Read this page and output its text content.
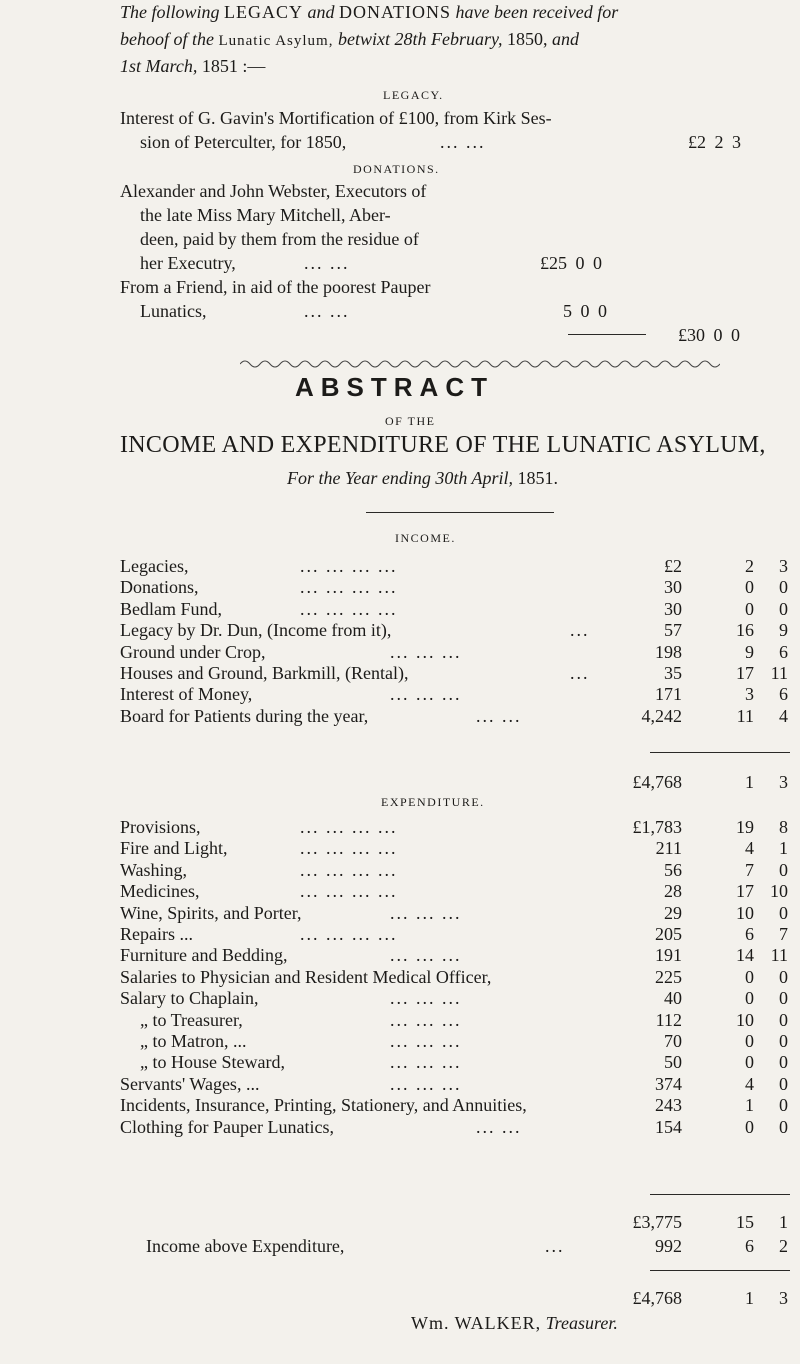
The following LEGACY and DONATIONS have been received for
behoof of the Lunatic Asylum, betwixt 28th February, 1850, and
1st March, 1851 :—
LEGACY.
Interest of G. Gavin's Mortification of £100, from Kirk Ses-
sion of Peterculter, for 1850,	... ...	£2 2 3
DONATIONS.
Alexander and John Webster, Executors of
the late Miss Mary Mitchell, Aber-
deen, paid by them from the residue of
her Executry,	... ...	£25 0 0
From a Friend, in aid of the poorest Pauper
Lunatics,	... ...	5 0 0
£30 0 0
ABSTRACT
OF THE
INCOME AND EXPENDITURE OF THE LUNATIC ASYLUM,
For the Year ending 30th April, 1851.
INCOME.
Legacies,	... ... ... ...	£2	2 3
Donations,	... ... ... ...	30	0 0
Bedlam Fund,	... ... ... ...	30	0 0
Legacy by Dr. Dun, (Income from it),	...	57	16 9
Ground under Crop,	... ... ...	198	9 6
Houses and Ground, Barkmill, (Rental),	...	35	17 11
Interest of Money,	... ... ...	171	3 6
Board for Patients during the year,	... ...	4,242	11 4
£4,768	1 3
EXPENDITURE.
Provisions,	... ... ... ...	£1,783	19 8
Fire and Light,	... ... ... ...	211	4 1
Washing,	... ... ... ...	56	7 0
Medicines,	... ... ... ...	28	17 10
Wine, Spirits, and Porter,	... ... ...	29	10 0
Repairs ...	... ... ... ...	205	6 7
Furniture and Bedding,	... ... ...	191	14 11
Salaries to Physician and Resident Medical Officer,	225	0 0
Salary to Chaplain,	... ... ...	40	0 0
„ to Treasurer,	... ... ...	112	10 0
„ to Matron, ...	... ... ...	70	0 0
„ to House Steward,	... ... ...	50	0 0
Servants' Wages, ...	... ... ...	374	4 0
Incidents, Insurance, Printing, Stationery, and Annuities,	243	1 0
Clothing for Pauper Lunatics,	... ...	154	0 0
£3,775	15 1
Income above Expenditure,	...	992	6 2
£4,768	1 3
Wm. WALKER, Treasurer.
